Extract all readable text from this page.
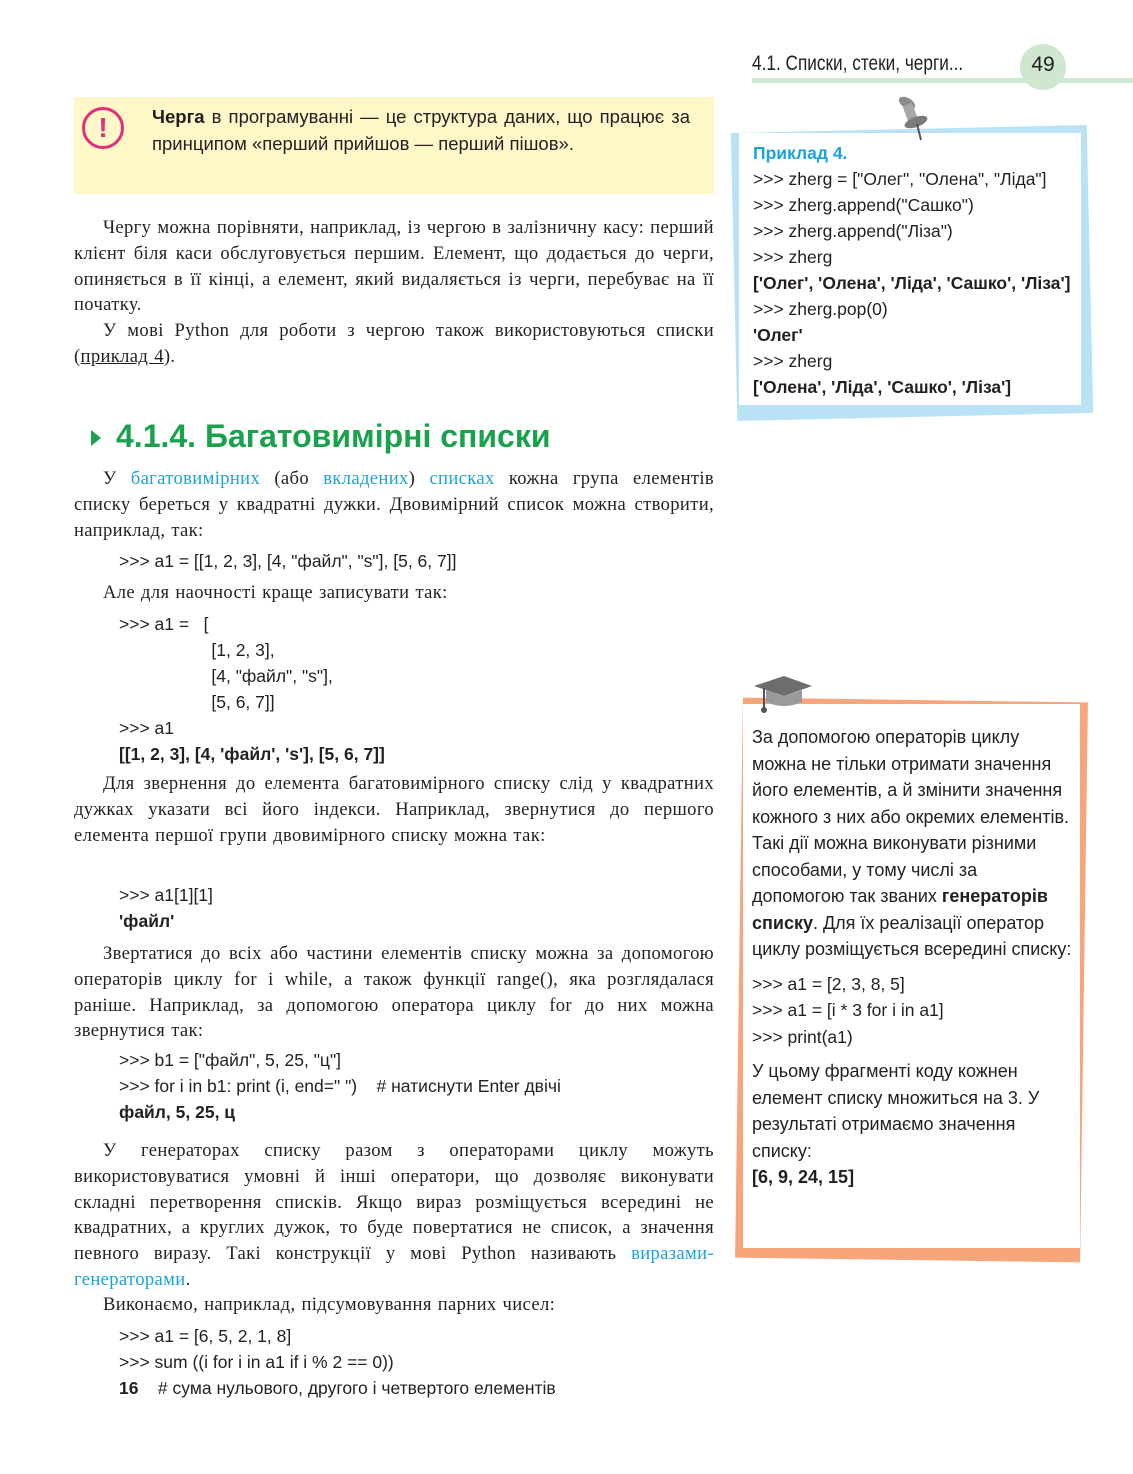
4.1. Списки, стеки, черги...	49
!	Черга в програмуванні — це структура даних, що працює за принципом «перший прийшов — перший пішов».
Чергу можна порівняти, наприклад, із чергою в залізничну касу: перший клієнт біля каси обслуговується першим. Елемент, що додається до черги, опиняється в її кінці, а елемент, який видаляється із черги, перебуває на її початку.
У мові Python для роботи з чергою також використовуються списки (приклад 4).
4.1.4. Багатовимірні списки
У багатовимірних (або вкладених) списках кожна група елементів списку береться у квадратні дужки. Двовимірний список можна створити, наприклад, так:
>>> a1 = [[1, 2, 3], [4, "файл", "s"], [5, 6, 7]]
Але для наочності краще записувати так:
>>> a1 =   [
[1, 2, 3],
[4, "файл", "s"],
[5, 6, 7]]
>>> a1
[[1, 2, 3], [4, 'файл', 's'], [5, 6, 7]]
Для звернення до елемента багатовимірного списку слід у квадратних дужках указати всі його індекси. Наприклад, звернутися до першого елемента першої групи двовимірного списку можна так:
>>> a1[1][1]
'файл'
Звертатися до всіх або частини елементів списку можна за допомогою операторів циклу for і while, а також функції range(), яка розглядалася раніше. Наприклад, за допомогою оператора циклу for до них можна звернутися так:
>>> b1 = ["файл", 5, 25, "ц"]
>>> for i in b1: print (i, end=" ")    # натиснути Enter двічі
файл, 5, 25, ц
У генераторах списку разом з операторами циклу можуть використовуватися умовні й інші оператори, що дозволяє виконувати складні перетворення списків. Якщо вираз розміщується всередині не квадратних, а круглих дужок, то буде повертатися не список, а значення певного виразу. Такі конструкції у мові Python називають виразами-генераторами.
Виконаємо, наприклад, підсумовування парних чисел:
>>> a1 = [6, 5, 2, 1, 8]
>>> sum ((i for i in a1 if i % 2 == 0))
16    # сума нульового, другого і четвертого елементів
Приклад 4.
>>> zherg = ["Олег", "Олена", "Ліда"]
>>> zherg.append("Сашко")
>>> zherg.append("Ліза")
>>> zherg
['Олег', 'Олена', 'Ліда', 'Сашко', 'Ліза']
>>> zherg.pop(0)
'Олег'
>>> zherg
['Олена', 'Ліда', 'Сашко', 'Ліза']
За допомогою операторів циклу можна не тільки отримати значення його елементів, а й змінити значення кожного з них або окремих елементів. Такі дії можна виконувати різними способами, у тому числі за допомогою так званих генераторів списку. Для їх реалізації оператор циклу розміщується всередині списку:
>>> a1 = [2, 3, 8, 5]
>>> a1 = [i * 3 for i in a1]
>>> print(a1)
У цьому фрагменті коду кожнен елемент списку множиться на 3. У результаті отримаємо значення списку:
[6, 9, 24, 15]
